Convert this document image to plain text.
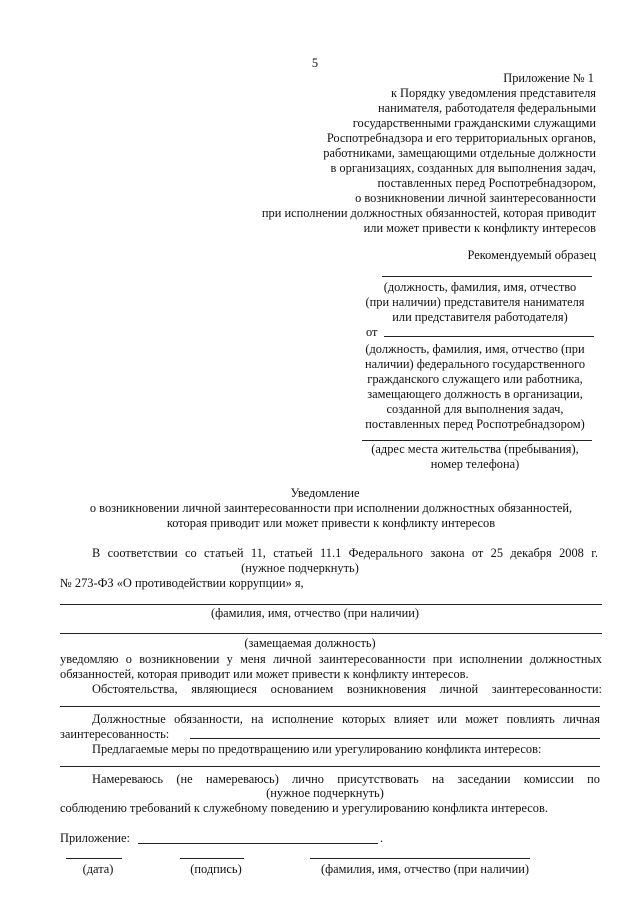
5
Приложение № 1
к Порядку уведомления представителя
нанимателя, работодателя федеральными
государственными гражданскими служащими
Роспотребнадзора и его территориальных органов,
работниками, замещающими отдельные должности
в организациях, созданных для выполнения задач,
поставленных перед Роспотребнадзором,
о возникновении личной заинтересованности
при исполнении должностных обязанностей, которая приводит
или может привести к конфликту интересов
Рекомендуемый образец
(должность, фамилия, имя, отчество
(при наличии) представителя нанимателя
или представителя работодателя)
от
(должность, фамилия, имя, отчество (при
наличии) федерального государственного
гражданского служащего или работника,
замещающего должность в организации,
созданной для выполнения задач,
поставленных перед Роспотребнадзором)
(адрес места жительства (пребывания),
номер телефона)
Уведомление
о возникновении личной заинтересованности при исполнении должностных обязанностей,
которая приводит или может привести к конфликту интересов
В соответствии со статьей 11, статьей 11.1 Федерального закона от 25 декабря 2008 г.
(нужное подчеркнуть)
№ 273-ФЗ «О противодействии коррупции» я,
(фамилия, имя, отчество (при наличии)
(замещаемая должность)
уведомляю о возникновении у меня личной заинтересованности при исполнении должностных
обязанностей, которая приводит или может привести к конфликту интересов.
Обстоятельства, являющиеся основанием возникновения личной заинтересованности:
Должностные обязанности, на исполнение которых влияет или может повлиять личная
заинтересованность:
Предлагаемые меры по предотвращению или урегулированию конфликта интересов:
Намереваюсь (не намереваюсь) лично присутствовать на заседании комиссии по
(нужное подчеркнуть)
соблюдению требований к служебному поведению и урегулированию конфликта интересов.
Приложение:	.
(дата)	(подпись)	(фамилия, имя, отчество (при наличии)
